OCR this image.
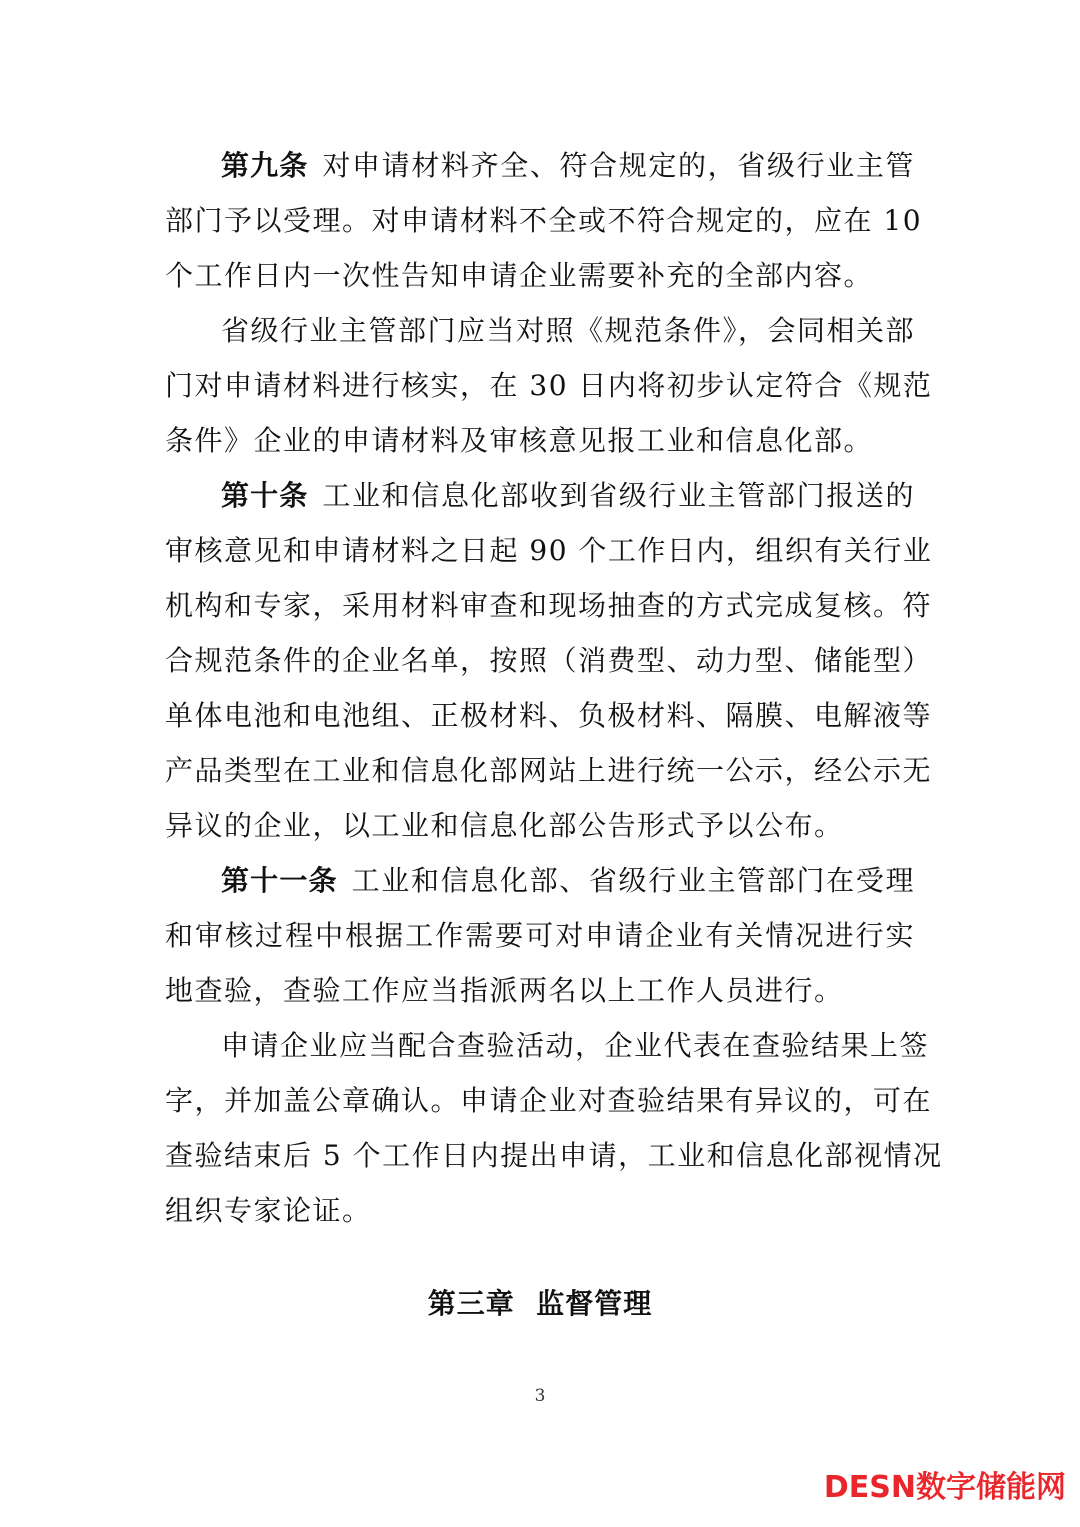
第九条 对申请材料齐全、符合规定的，省级行业主管
部门予以受理。对申请材料不全或不符合规定的，应在 10
个工作日内一次性告知申请企业需要补充的全部内容。
省级行业主管部门应当对照《规范条件》，会同相关部
门对申请材料进行核实，在 30 日内将初步认定符合《规范
条件》企业的申请材料及审核意见报工业和信息化部。
第十条 工业和信息化部收到省级行业主管部门报送的
审核意见和申请材料之日起 90 个工作日内，组织有关行业
机构和专家，采用材料审查和现场抽查的方式完成复核。符
合规范条件的企业名单，按照（消费型、动力型、储能型）
单体电池和电池组、正极材料、负极材料、隔膜、电解液等
产品类型在工业和信息化部网站上进行统一公示，经公示无
异议的企业，以工业和信息化部公告形式予以公布。
第十一条 工业和信息化部、省级行业主管部门在受理
和审核过程中根据工作需要可对申请企业有关情况进行实
地查验，查验工作应当指派两名以上工作人员进行。
申请企业应当配合查验活动，企业代表在查验结果上签
字，并加盖公章确认。申请企业对查验结果有异议的，可在
查验结束后 5 个工作日内提出申请，工业和信息化部视情况
组织专家论证。
第三章  监督管理
3
DESN数字储能网
